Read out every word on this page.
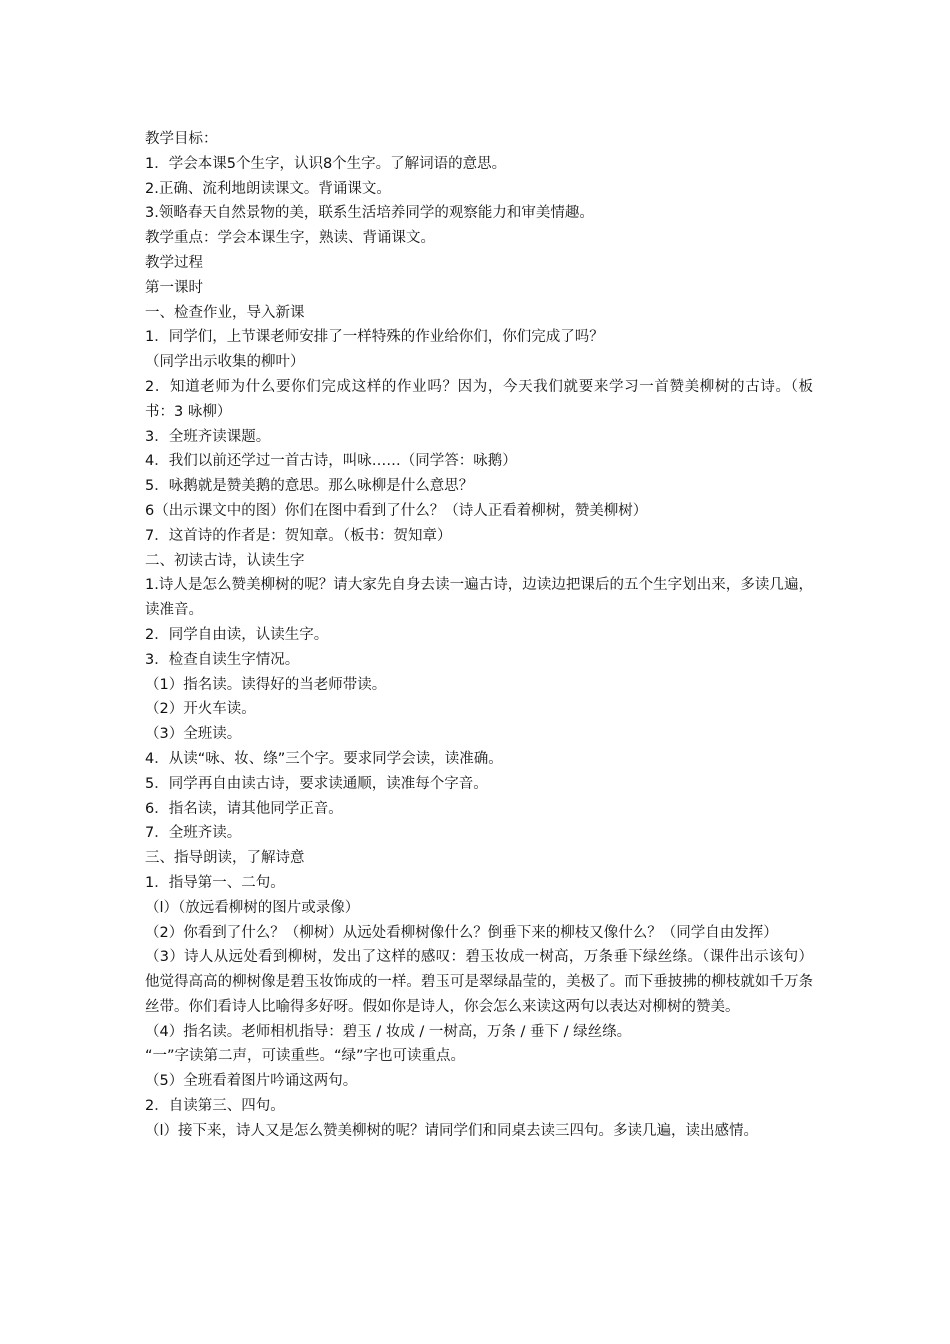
教学目标：

1．学会本课5个生字，认识8个生字。了解词语的意思。

2.正确、流利地朗读课文。背诵课文。

3.领略春天自然景物的美，联系生活培养同学的观察能力和审美情趣。

教学重点：学会本课生字，熟读、背诵课文。

教学过程

第一课时

一、检查作业，导入新课

1．同学们，上节课老师安排了一样特殊的作业给你们，你们完成了吗？

（同学出示收集的柳叶）

2．知道老师为什么要你们完成这样的作业吗？因为，今天我们就要来学习一首赞美柳树的古诗。（板书：3 咏柳）

3．全班齐读课题。

4．我们以前还学过一首古诗，叫咏……（同学答：咏鹅）

5．咏鹅就是赞美鹅的意思。那么咏柳是什么意思？

6（出示课文中的图）你们在图中看到了什么？（诗人正看着柳树，赞美柳树）

7．这首诗的作者是：贺知章。（板书：贺知章）

二、初读古诗，认读生字

1.诗人是怎么赞美柳树的呢？请大家先自身去读一遍古诗，边读边把课后的五个生字划出来，多读几遍，读准音。

2．同学自由读，认读生字。

3．检查自读生字情况。

（1）指名读。读得好的当老师带读。

（2）开火车读。

（3）全班读。

4．从读“咏、妆、绦”三个字。要求同学会读，读准确。

5．同学再自由读古诗，要求读通顺，读准每个字音。

6．指名读，请其他同学正音。

7．全班齐读。

三、指导朗读，了解诗意

1．指导第一、二句。

（l）（放远看柳树的图片或录像）

（2）你看到了什么？（柳树）从远处看柳树像什么？倒垂下来的柳枝又像什么？（同学自由发挥）

（3）诗人从远处看到柳树，发出了这样的感叹：碧玉妆成一树高，万条垂下绿丝绦。（课件出示该句）他觉得高高的柳树像是碧玉妆饰成的一样。碧玉可是翠绿晶莹的，美极了。而下垂披拂的柳枝就如千万条丝带。你们看诗人比喻得多好呀。假如你是诗人，你会怎么来读这两句以表达对柳树的赞美。

（4）指名读。老师相机指导：碧玉 / 妆成 / 一树高，万条 / 垂下 / 绿丝绦。

“一”字读第二声，可读重些。“绿”字也可读重点。

（5）全班看着图片吟诵这两句。

2．自读第三、四句。

（l）接下来，诗人又是怎么赞美柳树的呢？请同学们和同桌去读三四句。多读几遍，读出感情。
